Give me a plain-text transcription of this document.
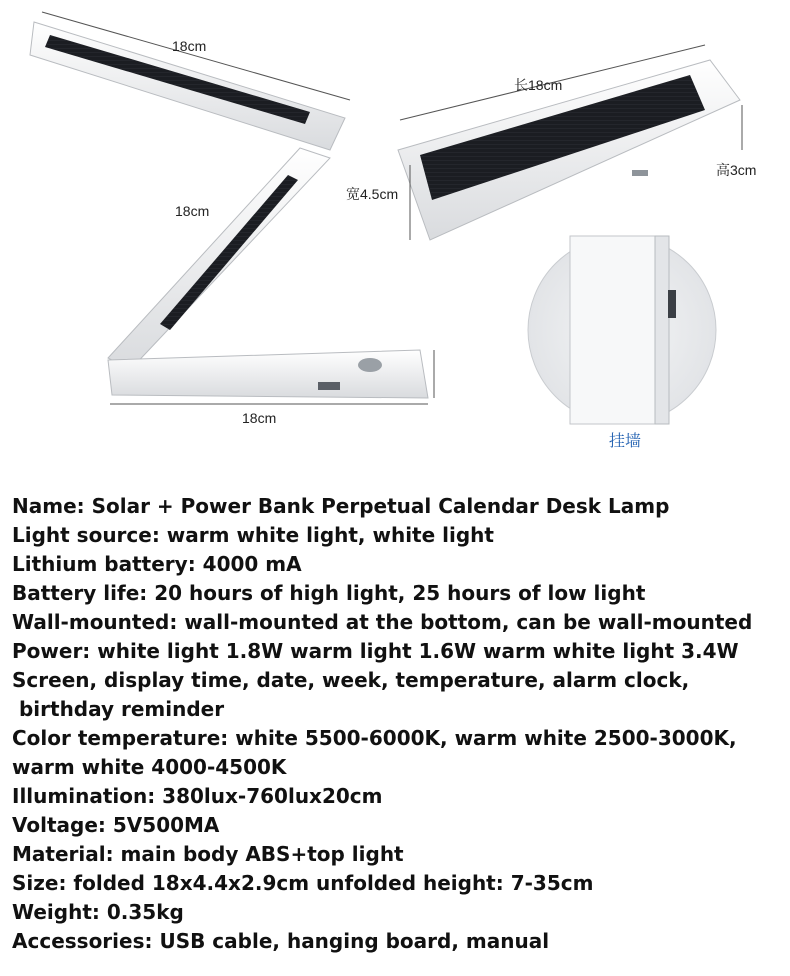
18cm
18cm
18cm
长18cm
宽4.5cm
高3cm
挂墙
Name: Solar + Power Bank Perpetual Calendar Desk Lamp
Light source: warm white light, white light
Lithium battery: 4000 mA
Battery life: 20 hours of high light, 25 hours of low light
Wall-mounted: wall-mounted at the bottom, can be wall-mounted
Power: white light 1.8W warm light 1.6W warm white light 3.4W
Screen, display time, date, week, temperature, alarm clock,
birthday reminder
Color temperature: white 5500-6000K, warm white 2500-3000K,
warm white 4000-4500K
Illumination: 380lux-760lux20cm
Voltage: 5V500MA
Material: main body ABS+top light
Size: folded 18x4.4x2.9cm unfolded height: 7-35cm
Weight: 0.35kg
Accessories: USB cable, hanging board, manual
